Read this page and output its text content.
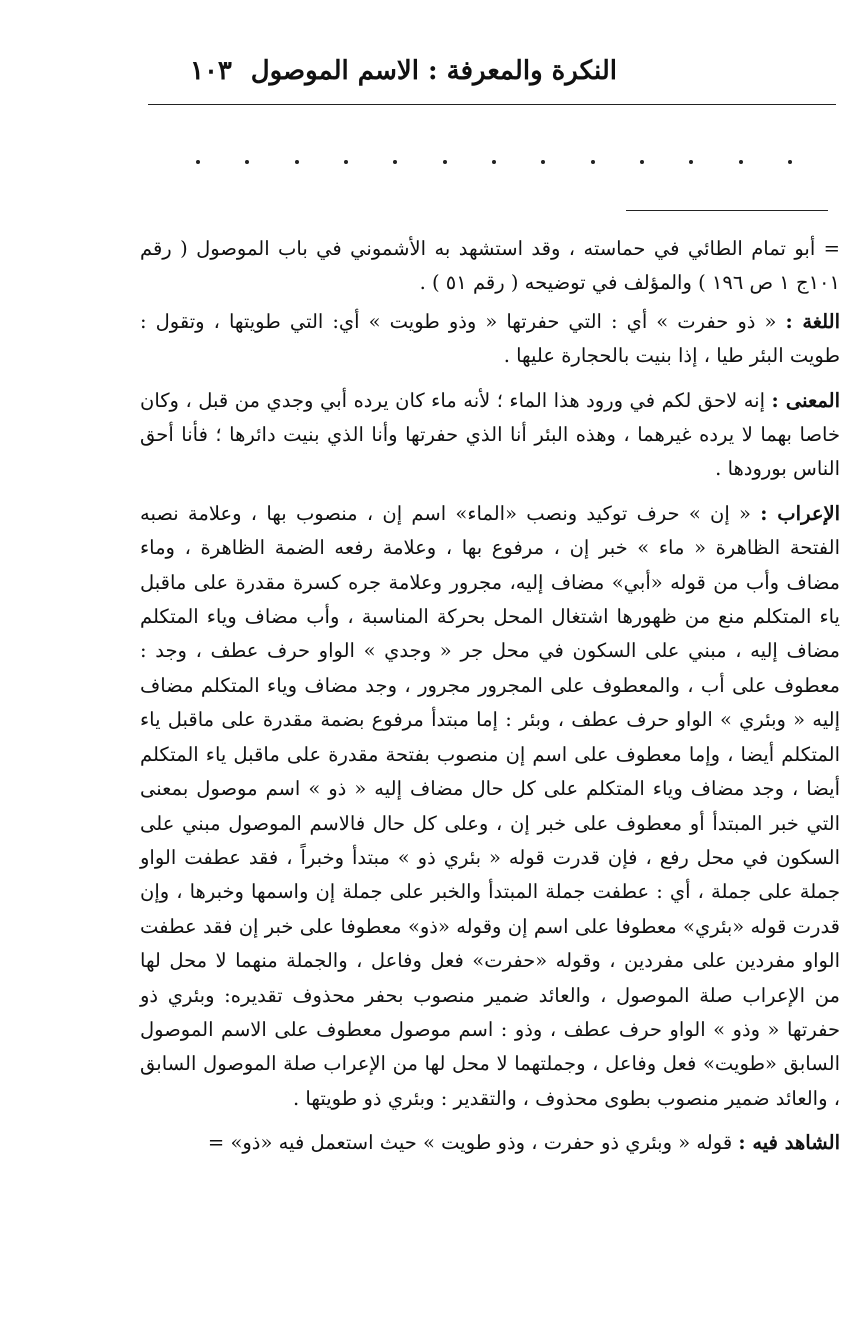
النكرة والمعرفة : الاسم الموصول
١٠٣

= أبو تمام الطائي في حماسته ، وقد استشهد به الأشموني في باب الموصول ( رقم ١٠١ج ١ ص ١٩٦ ) والمؤلف في توضيحه ( رقم ٥١ ) .

اللغة : « ذو حفرت » أي : التي حفرتها « وذو طويت » أي: التي طويتها ، وتقول : طويت البئر طيا ، إذا بنيت بالحجارة عليها .

المعنى : إنه لاحق لكم في ورود هذا الماء ؛ لأنه ماء كان يرده أبي وجدي من قبل ، وكان خاصا بهما لا يرده غيرهما ، وهذه البئر أنا الذي حفرتها وأنا الذي بنيت دائرها ؛ فأنا أحق الناس بورودها .

الإعراب : « إن » حرف توكيد ونصب «الماء» اسم إن ، منصوب بها ، وعلامة نصبه الفتحة الظاهرة « ماء » خبر إن ، مرفوع بها ، وعلامة رفعه الضمة الظاهرة ، وماء مضاف وأب من قوله «أبي» مضاف إليه، مجرور وعلامة جره كسرة مقدرة على ماقبل ياء المتكلم منع من ظهورها اشتغال المحل بحركة المناسبة ، وأب مضاف وياء المتكلم مضاف إليه ، مبني على السكون في محل جر « وجدي » الواو حرف عطف ، وجد : معطوف على أب ، والمعطوف على المجرور مجرور ، وجد مضاف وياء المتكلم مضاف إليه « وبئري » الواو حرف عطف ، وبئر : إما مبتدأ مرفوع بضمة مقدرة على ماقبل ياء المتكلم أيضا ، وإما معطوف على اسم إن منصوب بفتحة مقدرة على ماقبل ياء المتكلم أيضا ، وجد مضاف وياء المتكلم على كل حال مضاف إليه « ذو » اسم موصول بمعنى التي خبر المبتدأ أو معطوف على خبر إن ، وعلى كل حال فالاسم الموصول مبني على السكون في محل رفع ، فإن قدرت قوله « بئري ذو » مبتدأ وخبراً ، فقد عطفت الواو جملة على جملة ، أي : عطفت جملة المبتدأ والخبر على جملة إن واسمها وخبرها ، وإن قدرت قوله «بئري» معطوفا على اسم إن وقوله «ذو» معطوفا على خبر إن فقد عطفت الواو مفردين على مفردين ، وقوله «حفرت» فعل وفاعل ، والجملة منهما لا محل لها من الإعراب صلة الموصول ، والعائد ضمير منصوب بحفر محذوف تقديره: وبئري ذو حفرتها « وذو » الواو حرف عطف ، وذو : اسم موصول معطوف على الاسم الموصول السابق «طويت» فعل وفاعل ، وجملتهما لا محل لها من الإعراب صلة الموصول السابق ، والعائد ضمير منصوب بطوى محذوف ، والتقدير : وبئري ذو طويتها .

الشاهد فيه : قوله « وبئري ذو حفرت ، وذو طويت » حيث استعمل فيه «ذو» =
